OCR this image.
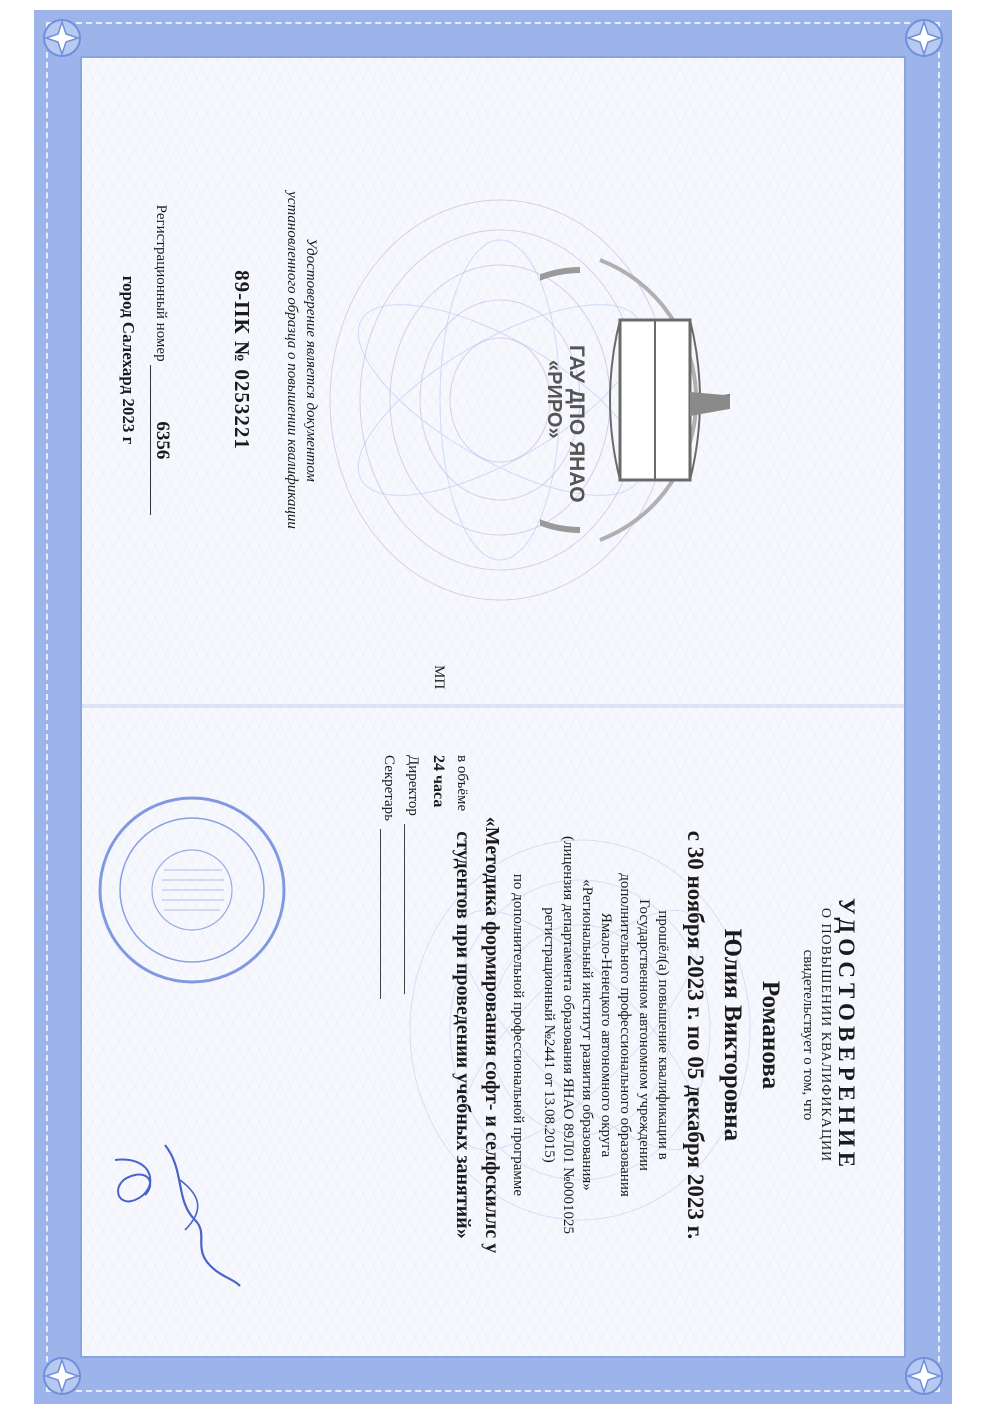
ГАУ ДПО ЯНАО
«РИРО»
УДОСТОВЕРЕНИЕ
О ПОВЫШЕНИИ КВАЛИФИКАЦИИ
свидетельствует о том, что
Романова
Юлия Викторовна
с 30 ноября 2023 г. по 05 декабря 2023 г.
прошёл(а) повышение квалификации в
Государственном автономном учреждении
дополнительного профессионального образования
Ямало-Ненецкого автономного округа
«Региональный институт развития образования»
(лицензия департамента образования ЯНАО 89Л01 №0001025
регистрационный №2441 от 13.08.2015)
по дополнительной профессиональной программе
«Методика формирования софт- и селфскиллс у
студентов при проведении учебных занятий»
в объёме
24 часа
Директор
Секретарь
МП
Удостоверение является документом
установленного образца о повышении квалификации
89-ПК № 0253221
Регистрационный номер 6356
город Салехард 2023 г
